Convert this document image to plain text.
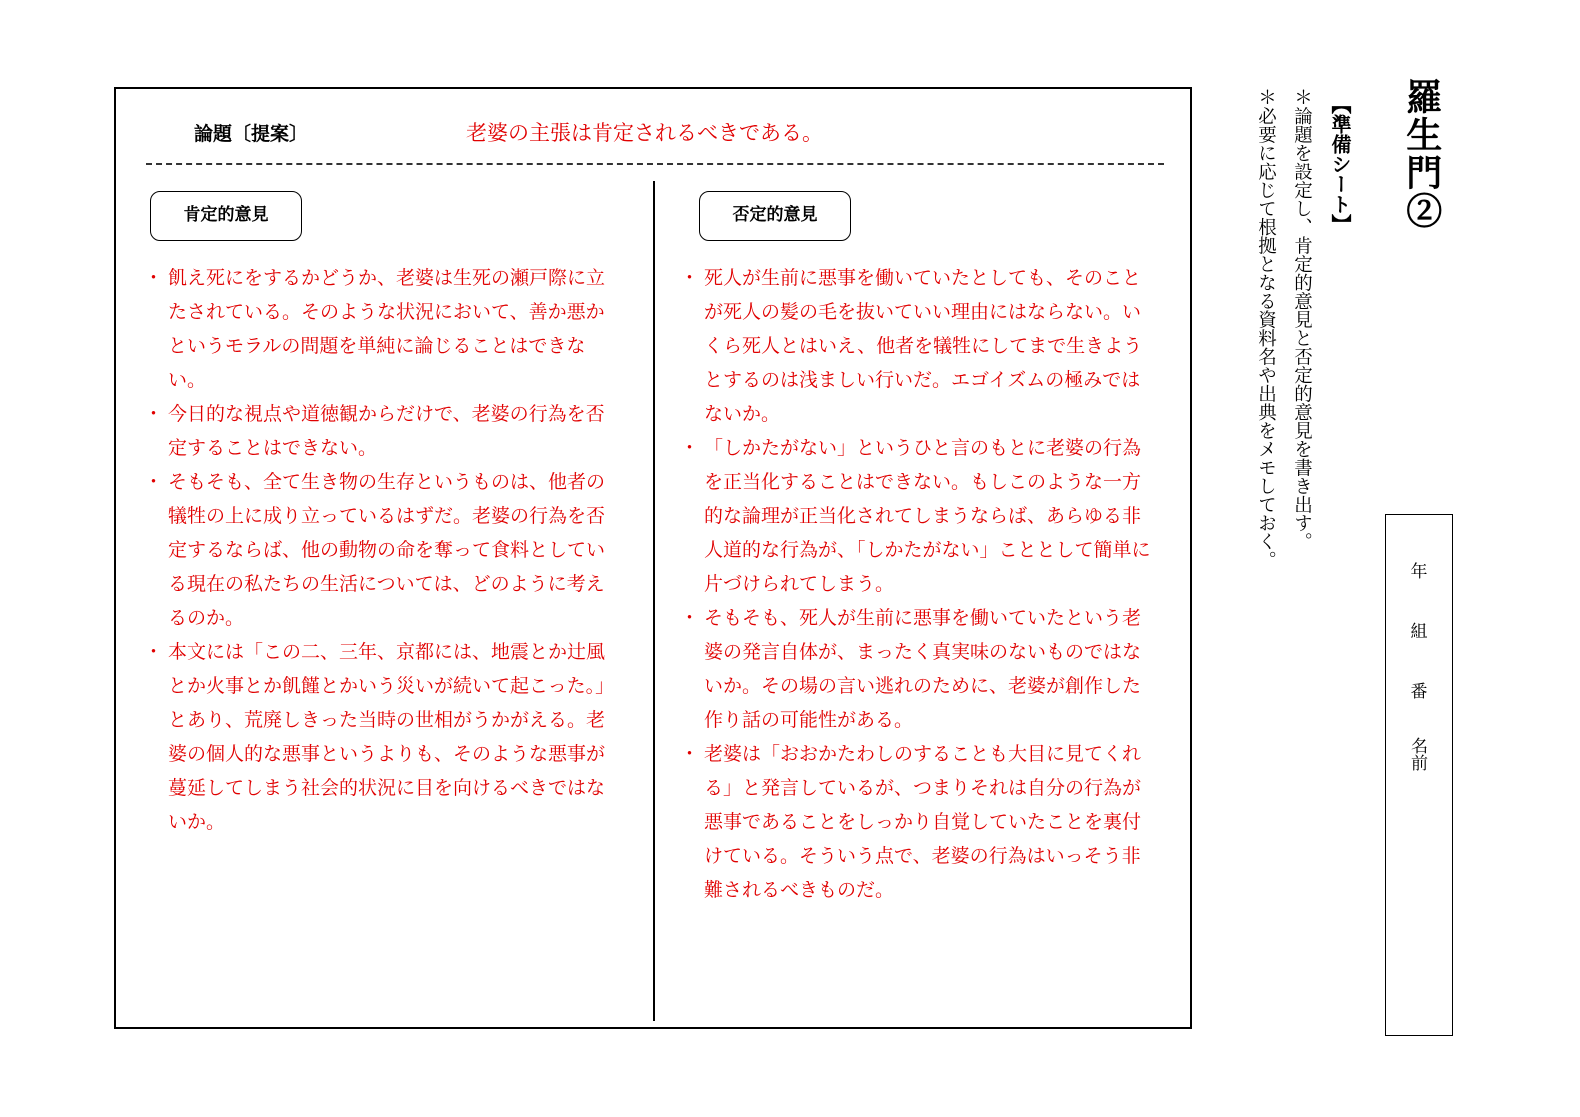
論題〔提案〕	老婆の主張は肯定されるべきである。
肯定的意見	否定的意見
・ 飢え死にをするかどうか、老婆は生死の瀬戸際に立たされている。そのような状況において、善か悪かというモラルの問題を単純に論じることはできない。
・ 今日的な視点や道徳観からだけで、老婆の行為を否定することはできない。
・ そもそも、全て生き物の生存というものは、他者の犠牲の上に成り立っているはずだ。老婆の行為を否定するならば、他の動物の命を奪って食料としている現在の私たちの生活については、どのように考えるのか。
・ 本文には「この二、三年、京都には、地震とか辻風とか火事とか飢饉とかいう災いが続いて起こった。」とあり、荒廃しきった当時の世相がうかがえる。老婆の個人的な悪事というよりも、そのような悪事が蔓延してしまう社会的状況に目を向けるべきではないか。
・ 死人が生前に悪事を働いていたとしても、そのことが死人の髪の毛を抜いていい理由にはならない。いくら死人とはいえ、他者を犠牲にしてまで生きようとするのは浅ましい行いだ。エゴイズムの極みではないか。
・ 「しかたがない」というひと言のもとに老婆の行為を正当化することはできない。もしこのような一方的な論理が正当化されてしまうならば、あらゆる非人道的な行為が、「しかたがない」こととして簡単に片づけられてしまう。
・ そもそも、死人が生前に悪事を働いていたという老婆の発言自体が、まったく真実味のないものではないか。その場の言い逃れのために、老婆が創作した作り話の可能性がある。
・ 老婆は「おおかたわしのすることも大目に見てくれる」と発言しているが、つまりそれは自分の行為が悪事であることをしっかり自覚していたことを裏付けている。そういう点で、老婆の行為はいっそう非難されるべきものだ。
羅生門②
【準備シート】
＊論題を設定し、肯定的意見と否定的意見を書き出す。
＊必要に応じて根拠となる資料名や出典をメモしておく。
年
組
番
名前
